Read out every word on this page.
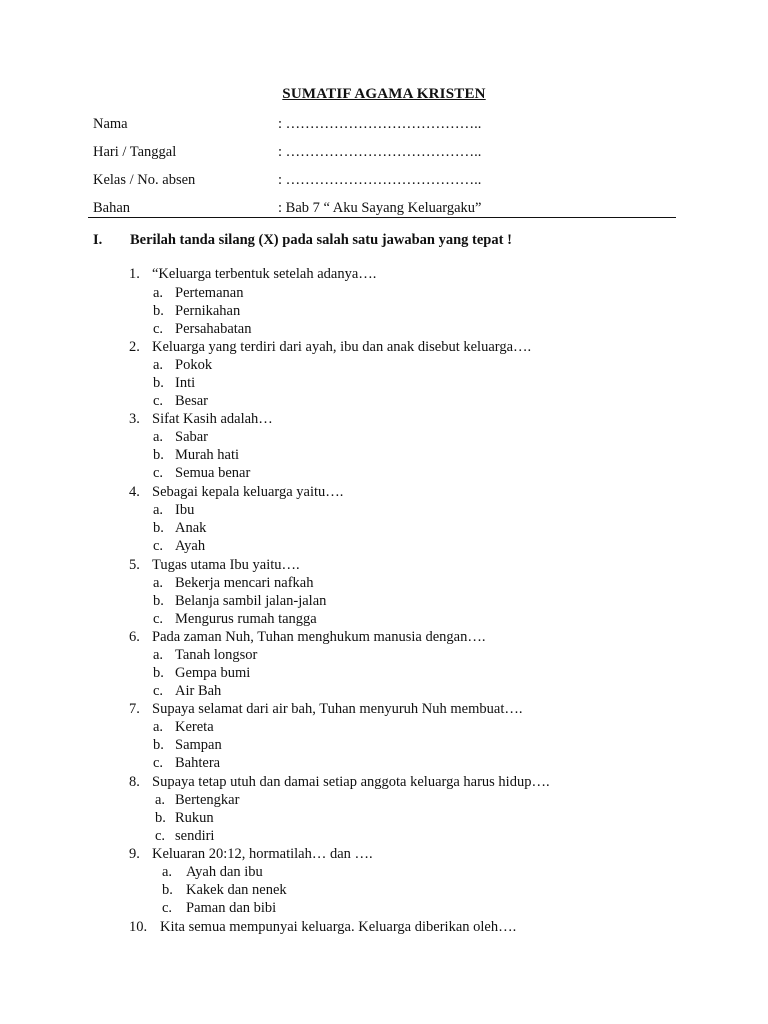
SUMATIF AGAMA KRISTEN
Nama	: …………………………………..
Hari / Tanggal	: …………………………………..
Kelas / No. absen	: …………………………………..
Bahan	: Bab 7 “ Aku Sayang Keluargaku”
I. Berilah tanda silang (X) pada salah satu jawaban yang tepat !
1. “Keluarga terbentuk setelah adanya….
a. Pertemanan
b. Pernikahan
c. Persahabatan
2. Keluarga yang terdiri dari ayah, ibu dan anak disebut keluarga….
a. Pokok
b. Inti
c. Besar
3. Sifat Kasih adalah…
a. Sabar
b. Murah hati
c. Semua benar
4. Sebagai kepala keluarga yaitu….
a. Ibu
b. Anak
c. Ayah
5. Tugas utama Ibu yaitu….
a. Bekerja mencari nafkah
b. Belanja sambil jalan-jalan
c. Mengurus rumah tangga
6. Pada zaman Nuh, Tuhan menghukum manusia dengan….
a. Tanah longsor
b. Gempa bumi
c. Air Bah
7. Supaya selamat dari air bah, Tuhan menyuruh Nuh membuat….
a. Kereta
b. Sampan
c. Bahtera
8. Supaya tetap utuh dan damai setiap anggota keluarga harus hidup….
a. Bertengkar
b. Rukun
c. sendiri
9. Keluaran 20:12, hormatilah… dan ….
a. Ayah dan ibu
b. Kakek dan nenek
c. Paman dan bibi
10. Kita semua mempunyai keluarga. Keluarga diberikan oleh….
